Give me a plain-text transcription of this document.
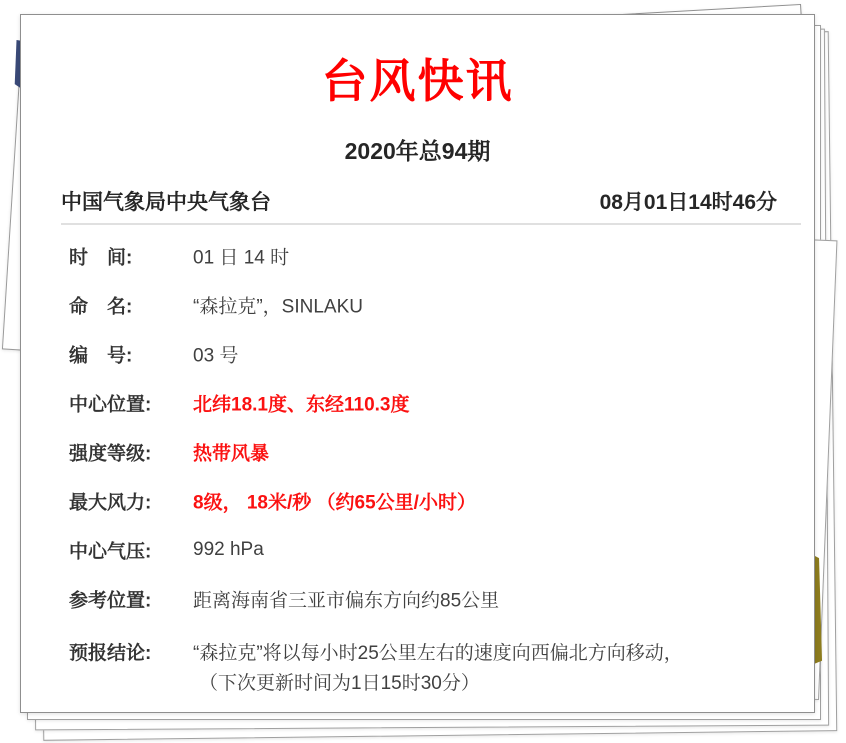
台风快讯
2020年总94期
中国气象局中央气象台	08月01日14时46分
时　间:	01 日 14 时
命　名:	“森拉克”，SINLAKU
编　号:	03 号
中心位置: 北纬18.1度、东经110.3度
强度等级: 热带风暴
最大风力: 8级， 18米/秒 （约65公里/小时）
中心气压: 992 hPa
参考位置: 距离海南省三亚市偏东方向约85公里
预报结论: “森拉克”将以每小时25公里左右的速度向西偏北方向移动，
（下次更新时间为1日15时30分）
